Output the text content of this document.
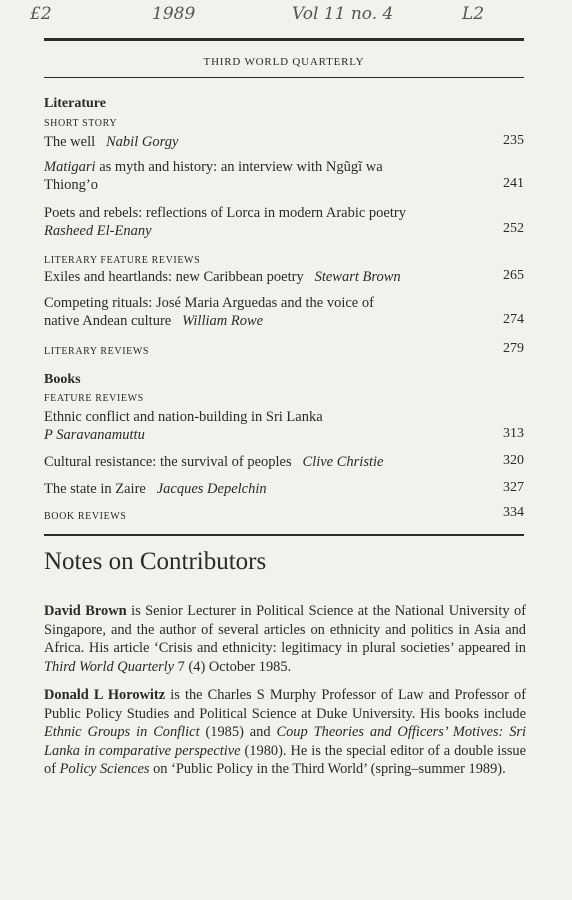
£2	1989	Vol 11 no. 4	L2
THIRD WORLD QUARTERLY
Literature
SHORT STORY
The well Nabil Gorgy	235
Matigari as myth and history: an interview with Ngũgĩ wa
Thiong’o	241
Poets and rebels: reflections of Lorca in modern Arabic poetry
Rasheed El-Enany	252
LITERARY FEATURE REVIEWS
Exiles and heartlands: new Caribbean poetry Stewart Brown	265
Competing rituals: José Maria Arguedas and the voice of
native Andean culture William Rowe	274
LITERARY REVIEWS	279
Books
FEATURE REVIEWS
Ethnic conflict and nation-building in Sri Lanka
P Saravanamuttu	313
Cultural resistance: the survival of peoples Clive Christie	320
The state in Zaire Jacques Depelchin	327
BOOK REVIEWS	334
Notes on Contributors
David Brown is Senior Lecturer in Political Science at the National University of Singapore, and the author of several articles on ethnicity and politics in Asia and Africa. His article ‘Crisis and ethnicity: legitimacy in plural societies’ appeared in Third World Quarterly 7 (4) October 1985.
Donald L Horowitz is the Charles S Murphy Professor of Law and Professor of Public Policy Studies and Political Science at Duke University. His books include Ethnic Groups in Conflict (1985) and Coup Theories and Officers’ Motives: Sri Lanka in comparative perspective (1980). He is the special editor of a double issue of Policy Sciences on ‘Public Policy in the Third World’ (spring–summer 1989).
